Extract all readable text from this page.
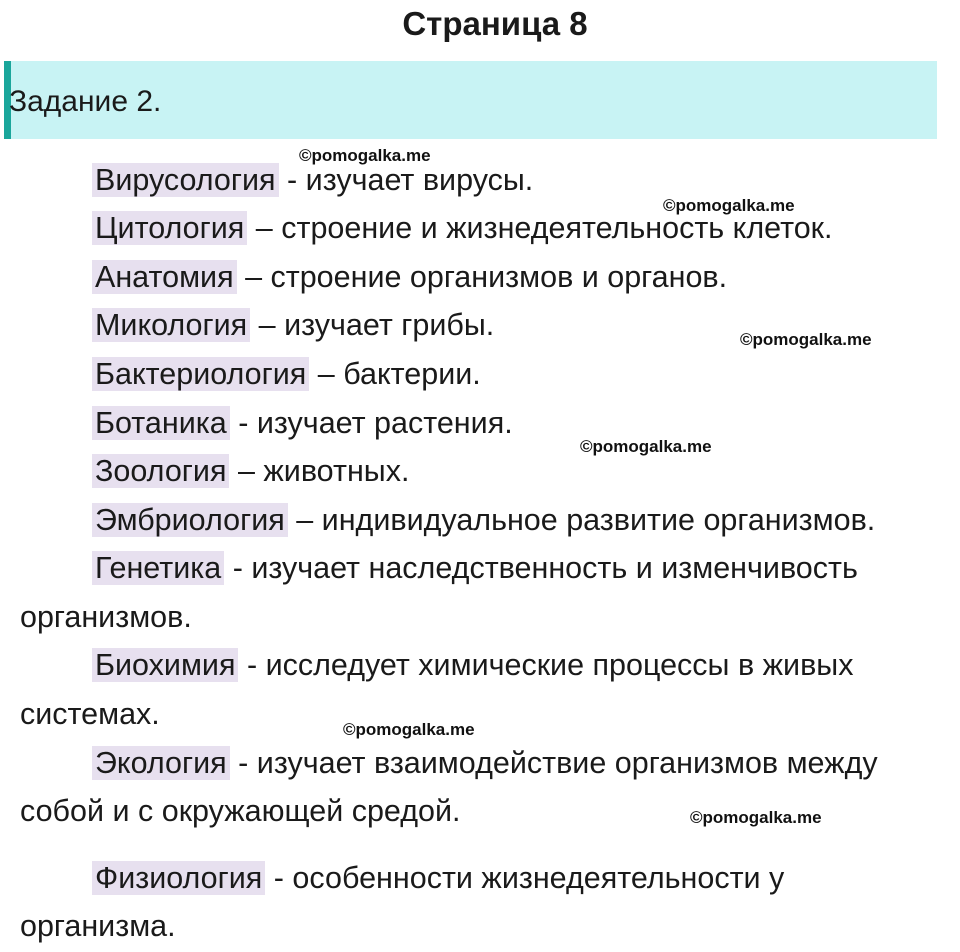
Страница 8
Задание 2.
Вирусология - изучает вирусы.
Цитология – строение и жизнедеятельность клеток.
Анатомия – строение организмов и органов.
Микология – изучает грибы.
Бактериология – бактерии.
Ботаника - изучает растения.
Зоология – животных.
Эмбриология – индивидуальное развитие организмов.
Генетика - изучает наследственность и изменчивость
организмов.
Биохимия - исследует химические процессы в живых
системах.
Экология - изучает взаимодействие организмов между
собой и с окружающей средой.
Физиология - особенности жизнедеятельности у
организма.
©pomogalka.me
©pomogalka.me
©pomogalka.me
©pomogalka.me
©pomogalka.me
©pomogalka.me
